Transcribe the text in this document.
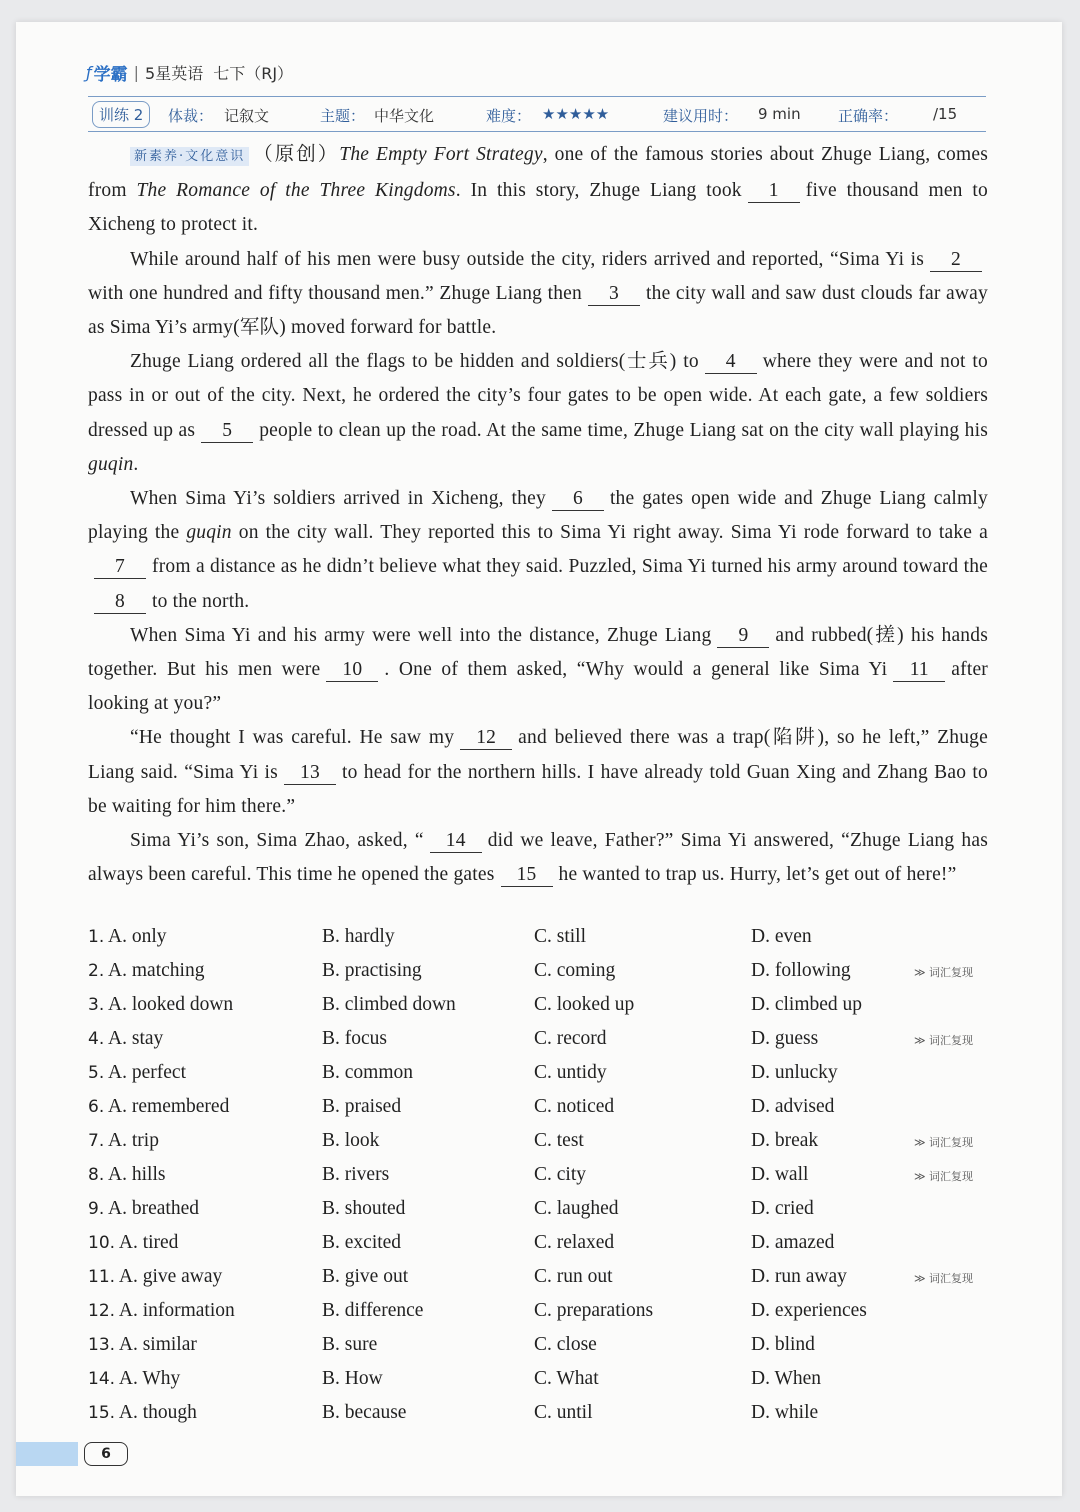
ƒ 学霸 | 5星英语 七下（RJ）
训练 2	体裁： 记叙文	主题： 中华文化	难度： ★★★★★	建议用时： 9 min 正确率： /15

新素养·文化意识 （原创）The Empty Fort Strategy, one of the famous stories about Zhuge Liang, comes from The Romance of the Three Kingdoms. In this story, Zhuge Liang took 1 five thousand men to Xicheng to protect it.

While around half of his men were busy outside the city, riders arrived and reported, “Sima Yi is 2with one hundred and fifty thousand men.” Zhuge Liang then 3 the city wall and saw dust clouds far away as Sima Yi’s army(军队) moved forward for battle.

Zhuge Liang ordered all the flags to be hidden and soldiers(士兵) to 4 where they were and not to pass in or out of the city. Next, he ordered the city’s four gates to be open wide. At each gate, a few soldiers dressed up as 5 people to clean up the road. At the same time, Zhuge Liang sat on the city wall playing his guqin.

When Sima Yi’s soldiers arrived in Xicheng, they 6 the gates open wide and Zhuge Liang calmly playing the guqin on the city wall. They reported this to Sima Yi right away. Sima Yi rode forward to take a7 from a distance as he didn’t believe what they said. Puzzled, Sima Yi turned his army around toward the8 to the north.

When Sima Yi and his army were well into the distance, Zhuge Liang 9 and rubbed(搓) his hands together. But his men were 10 . One of them asked, “Why would a general like Sima Yi 11 after looking at you?”

“He thought I was careful. He saw my 12 and believed there was a trap(陷阱), so he left,” Zhuge Liang said. “Sima Yi is 13 to head for the northern hills. I have already told Guan Xing and Zhang Bao to be waiting for him there.”

Sima Yi’s son, Sima Zhao, asked, “ 14 did we leave, Father?” Sima Yi answered, “Zhuge Liang has always been careful. This time he opened the gates 15 he wanted to trap us. Hurry, let’s get out of here!”

1. A. only	B. hardly	C. still	D. even
2. A. matching	B. practising	C. coming	D. following	≫ 词汇复现
3. A. looked down	B. climbed down	C. looked up	D. climbed up
4. A. stay	B. focus	C. record	D. guess	≫ 词汇复现
5. A. perfect	B. common	C. untidy	D. unlucky
6. A. remembered	B. praised	C. noticed	D. advised
7. A. trip	B. look	C. test	D. break	≫ 词汇复现
8. A. hills	B. rivers	C. city	D. wall	≫ 词汇复现
9. A. breathed	B. shouted	C. laughed	D. cried
10. A. tired	B. excited	C. relaxed	D. amazed
11. A. give away	B. give out	C. run out	D. run away	≫ 词汇复现
12. A. information	B. difference	C. preparations	D. experiences
13. A. similar	B. sure	C. close	D. blind
14. A. Why	B. How	C. What	D. When
15. A. though	B. because	C. until	D. while
6
